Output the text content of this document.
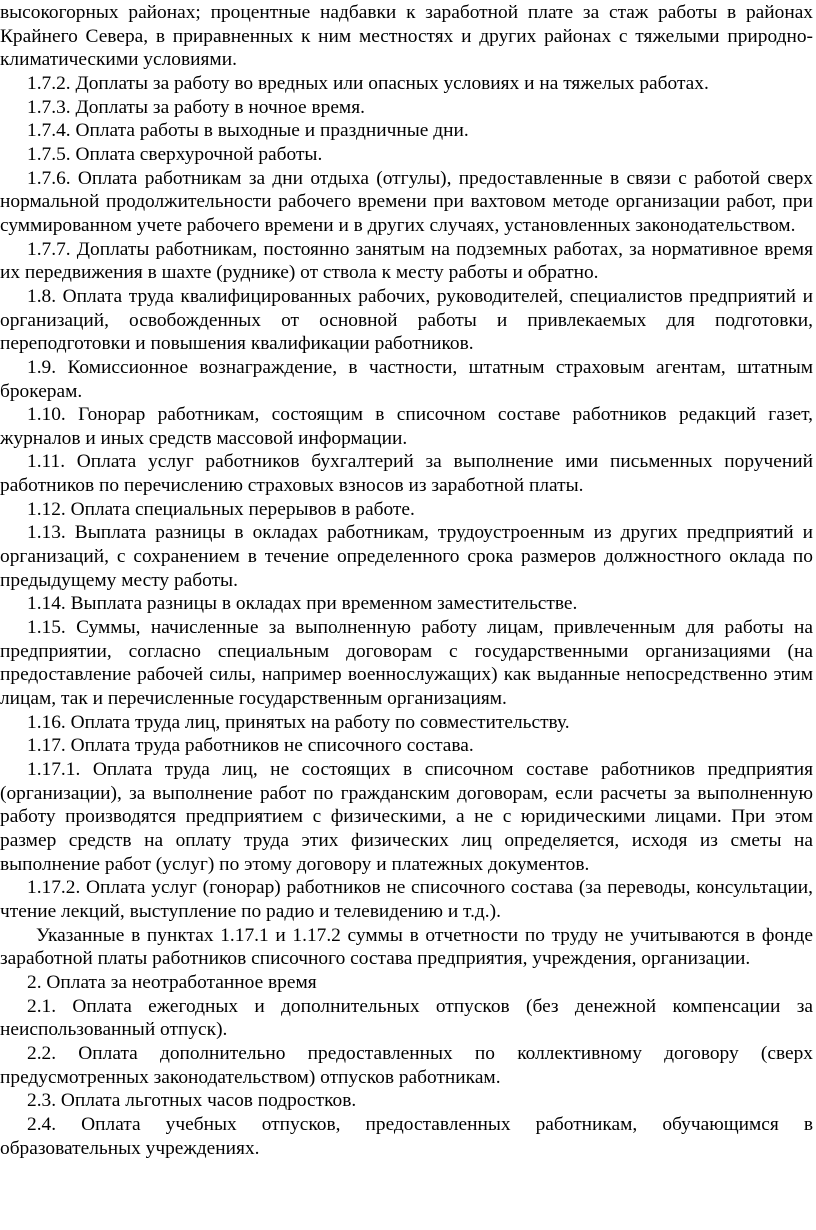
высокогорных районах; процентные надбавки к заработной плате за стаж работы в районах Крайнего Севера, в приравненных к ним местностях и других районах с тяжелыми природно-климатическими условиями.

1.7.2. Доплаты за работу во вредных или опасных условиях и на тяжелых работах.

1.7.3. Доплаты за работу в ночное время.

1.7.4. Оплата работы в выходные и праздничные дни.

1.7.5. Оплата сверхурочной работы.

1.7.6. Оплата работникам за дни отдыха (отгулы), предоставленные в связи с работой сверх нормальной продолжительности рабочего времени при вахтовом методе организации работ, при суммированном учете рабочего времени и в других случаях, установленных законодательством.

1.7.7. Доплаты работникам, постоянно занятым на подземных работах, за нормативное время их передвижения в шахте (руднике) от ствола к месту работы и обратно.

1.8. Оплата труда квалифицированных рабочих, руководителей, специалистов предприятий и организаций, освобожденных от основной работы и привлекаемых для подготовки, переподготовки и повышения квалификации работников.

1.9. Комиссионное вознаграждение, в частности, штатным страховым агентам, штатным брокерам.

1.10. Гонорар работникам, состоящим в списочном составе работников редакций газет, журналов и иных средств массовой информации.

1.11. Оплата услуг работников бухгалтерий за выполнение ими письменных поручений работников по перечислению страховых взносов из заработной платы.

1.12. Оплата специальных перерывов в работе.

1.13. Выплата разницы в окладах работникам, трудоустроенным из других предприятий и организаций, с сохранением в течение определенного срока размеров должностного оклада по предыдущему месту работы.

1.14. Выплата разницы в окладах при временном заместительстве.

1.15. Суммы, начисленные за выполненную работу лицам, привлеченным для работы на предприятии, согласно специальным договорам с государственными организациями (на предоставление рабочей силы, например военнослужащих) как выданные непосредственно этим лицам, так и перечисленные государственным организациям.

1.16. Оплата труда лиц, принятых на работу по совместительству.

1.17. Оплата труда работников не списочного состава.

1.17.1. Оплата труда лиц, не состоящих в списочном составе работников предприятия (организации), за выполнение работ по гражданским договорам, если расчеты за выполненную работу производятся предприятием с физическими, а не с юридическими лицами. При этом размер средств на оплату труда этих физических лиц определяется, исходя из сметы на выполнение работ (услуг) по этому договору и платежных документов.

1.17.2. Оплата услуг (гонорар) работников не списочного состава (за переводы, консультации, чтение лекций, выступление по радио и телевидению и т.д.).

Указанные в пунктах 1.17.1 и 1.17.2 суммы в отчетности по труду не учитываются в фонде заработной платы работников списочного состава предприятия, учреждения, организации.

2. Оплата за неотработанное время

2.1. Оплата ежегодных и дополнительных отпусков (без денежной компенсации за неиспользованный отпуск).

2.2. Оплата дополнительно предоставленных по коллективному договору (сверх предусмотренных законодательством) отпусков работникам.

2.3. Оплата льготных часов подростков.

2.4. Оплата учебных отпусков, предоставленных работникам, обучающимся в образовательных учреждениях.
